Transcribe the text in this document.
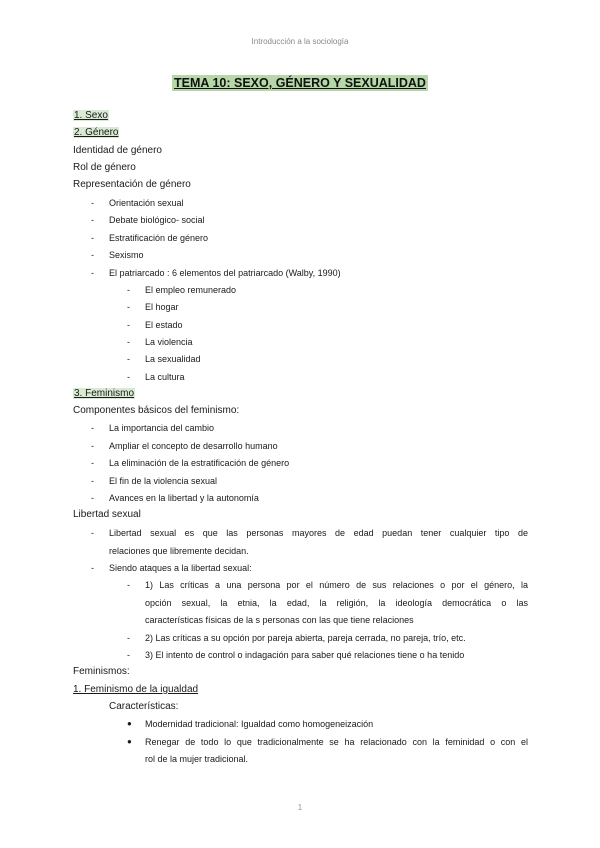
Introducción a la sociología
TEMA 10: SEXO, GÉNERO Y SEXUALIDAD
1. Sexo
2. Género
Identidad de género
Rol de género
Representación de género
- Orientación sexual
- Debate biológico- social
- Estratificación de género
- Sexismo
- El patriarcado : 6 elementos del patriarcado (Walby, 1990)
- El empleo remunerado
- El hogar
- El estado
- La violencia
- La sexualidad
- La cultura
3. Feminismo
Componentes básicos del feminismo:
- La importancia del cambio
- Ampliar el concepto de desarrollo humano
- La eliminación de la estratificación de género
- El fin de la violencia sexual
- Avances en la libertad y la autonomía
Libertad sexual
- Libertad sexual es que las personas mayores de edad puedan tener cualquier tipo de
relaciones que libremente decidan.
- Siendo ataques a la libertad sexual:
- 1) Las críticas a una persona por el número de sus relaciones o por el género, la
opción sexual, la etnia, la edad, la religión, la ideología democrática o las
características físicas de la s personas con las que tiene relaciones
- 2) Las críticas a su opción por pareja abierta, pareja cerrada, no pareja, trío, etc.
- 3) El intento de control o indagación para saber qué relaciones tiene o ha tenido
Feminismos:
1. Feminismo de la igualdad
Características:
● Modernidad tradicional: Igualdad como homogeneización
● Renegar de todo lo que tradicionalmente se ha relacionado con la feminidad o con el
rol de la mujer tradicional.
1
